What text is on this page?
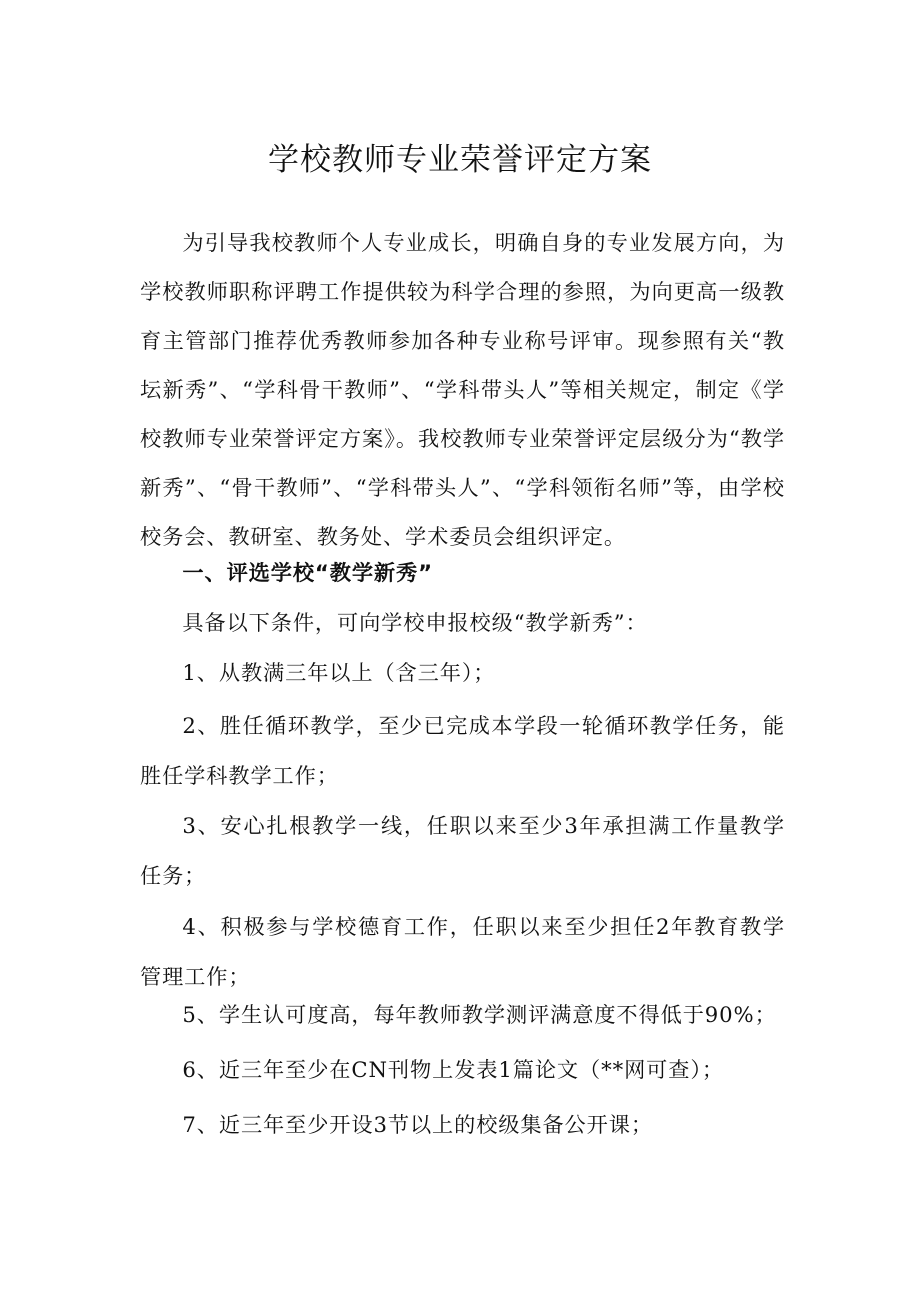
学校教师专业荣誉评定方案

为引导我校教师个人专业成长，明确自身的专业发展方向，为学校教师职称评聘工作提供较为科学合理的参照，为向更高一级教育主管部门推荐优秀教师参加各种专业称号评审。现参照有关“教坛新秀”、“学科骨干教师”、“学科带头人”等相关规定，制定《学校教师专业荣誉评定方案》。我校教师专业荣誉评定层级分为“教学新秀”、“骨干教师”、“学科带头人”、“学科领衔名师”等，由学校校务会、教研室、教务处、学术委员会组织评定。

一、评选学校“教学新秀”

具备以下条件，可向学校申报校级“教学新秀”：

1、从教满三年以上（含三年）；

2、胜任循环教学，至少已完成本学段一轮循环教学任务，能胜任学科教学工作；

3、安心扎根教学一线，任职以来至少3年承担满工作量教学任务；

4、积极参与学校德育工作，任职以来至少担任2年教育教学管理工作；

5、学生认可度高，每年教师教学测评满意度不得低于90%；

6、近三年至少在CN刊物上发表1篇论文（**网可查）；

7、近三年至少开设3节以上的校级集备公开课；
